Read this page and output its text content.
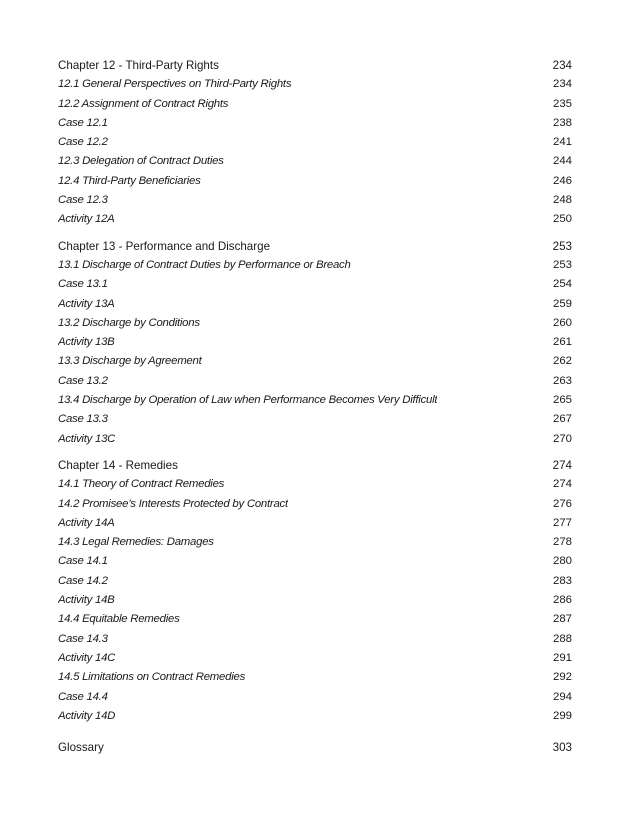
Chapter 12 - Third-Party Rights	234
12.1 General Perspectives on Third-Party Rights	234
12.2 Assignment of Contract Rights	235
Case 12.1	238
Case 12.2	241
12.3 Delegation of Contract Duties	244
12.4 Third-Party Beneficiaries	246
Case 12.3	248
Activity 12A	250
Chapter 13 - Performance and Discharge	253
13.1 Discharge of Contract Duties by Performance or Breach	253
Case 13.1	254
Activity 13A	259
13.2 Discharge by Conditions	260
Activity 13B	261
13.3 Discharge by Agreement	262
Case 13.2	263
13.4 Discharge by Operation of Law when Performance Becomes Very Difficult	265
Case 13.3	267
Activity 13C	270
Chapter 14 - Remedies	274
14.1 Theory of Contract Remedies	274
14.2 Promisee’s Interests Protected by Contract	276
Activity 14A	277
14.3 Legal Remedies: Damages	278
Case 14.1	280
Case 14.2	283
Activity 14B	286
14.4 Equitable Remedies	287
Case 14.3	288
Activity 14C	291
14.5 Limitations on Contract Remedies	292
Case 14.4	294
Activity 14D	299
Glossary	303
